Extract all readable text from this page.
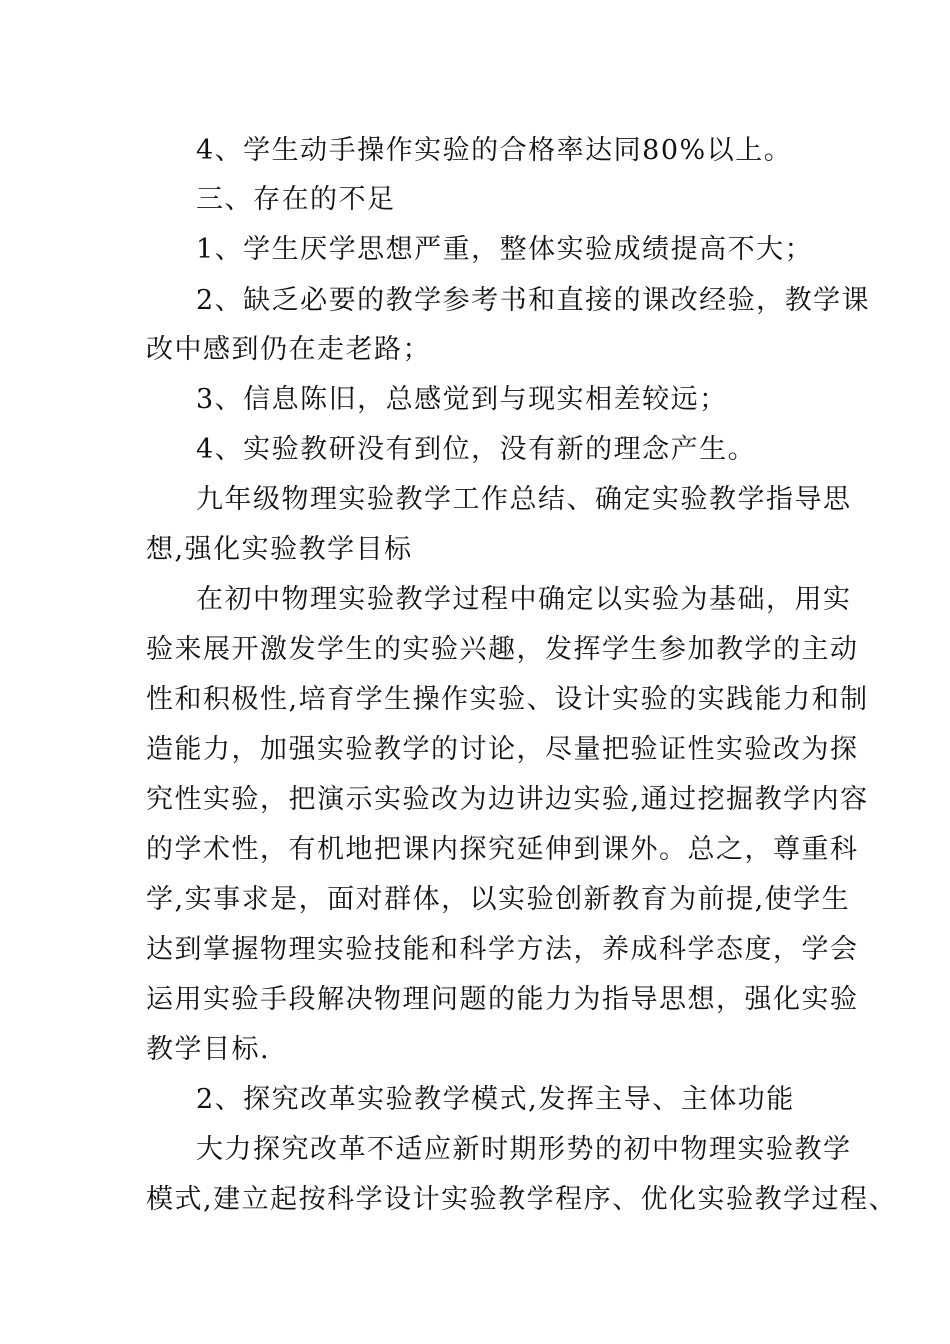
4、学生动手操作实验的合格率达同80%以上。
三、存在的不足
1、学生厌学思想严重，整体实验成绩提高不大；
2、缺乏必要的教学参考书和直接的课改经验，教学课
改中感到仍在走老路；
3、信息陈旧，总感觉到与现实相差较远；
4、实验教研没有到位，没有新的理念产生。
九年级物理实验教学工作总结、确定实验教学指导思
想,强化实验教学目标
在初中物理实验教学过程中确定以实验为基础，用实
验来展开激发学生的实验兴趣，发挥学生参加教学的主动
性和积极性,培育学生操作实验、设计实验的实践能力和制
造能力，加强实验教学的讨论，尽量把验证性实验改为探
究性实验，把演示实验改为边讲边实验,通过挖掘教学内容
的学术性，有机地把课内探究延伸到课外。总之，尊重科
学,实事求是，面对群体，以实验创新教育为前提,使学生
达到掌握物理实验技能和科学方法，养成科学态度，学会
运用实验手段解决物理问题的能力为指导思想，强化实验
教学目标.
2、探究改革实验教学模式,发挥主导、主体功能
大力探究改革不适应新时期形势的初中物理实验教学
模式,建立起按科学设计实验教学程序、优化实验教学过程、
